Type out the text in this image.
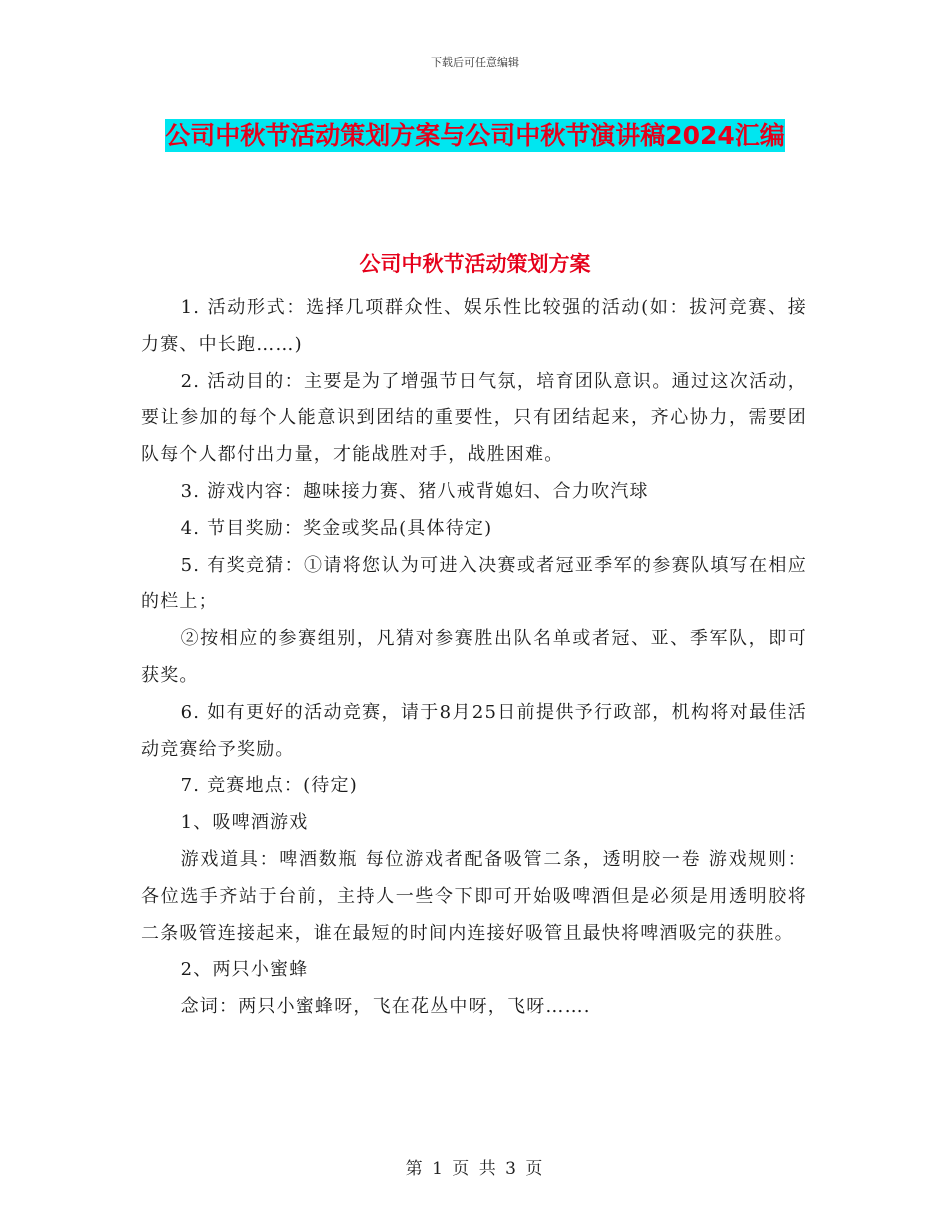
下载后可任意编辑
公司中秋节活动策划方案与公司中秋节演讲稿2024汇编
公司中秋节活动策划方案

1. 活动形式：选择几项群众性、娱乐性比较强的活动(如：拔河竞赛、接力赛、中长跑……)

2. 活动目的：主要是为了增强节日气氛，培育团队意识。通过这次活动，要让参加的每个人能意识到团结的重要性，只有团结起来，齐心协力，需要团队每个人都付出力量，才能战胜对手，战胜困难。

3. 游戏内容：趣味接力赛、猪八戒背媳妇、合力吹汽球

4. 节目奖励：奖金或奖品(具体待定)

5. 有奖竞猜：①请将您认为可进入决赛或者冠亚季军的参赛队填写在相应的栏上；

②按相应的参赛组别，凡猜对参赛胜出队名单或者冠、亚、季军队，即可获奖。

6. 如有更好的活动竞赛，请于8月25日前提供予行政部，机构将对最佳活动竞赛给予奖励。

7. 竞赛地点：(待定)

1、吸啤酒游戏

游戏道具：啤酒数瓶 每位游戏者配备吸管二条，透明胶一卷 游戏规则：各位选手齐站于台前，主持人一些令下即可开始吸啤酒但是必须是用透明胶将二条吸管连接起来，谁在最短的时间内连接好吸管且最快将啤酒吸完的获胜。

2、两只小蜜蜂

念词：两只小蜜蜂呀，飞在花丛中呀，飞呀…….

第 1 页 共 3 页
